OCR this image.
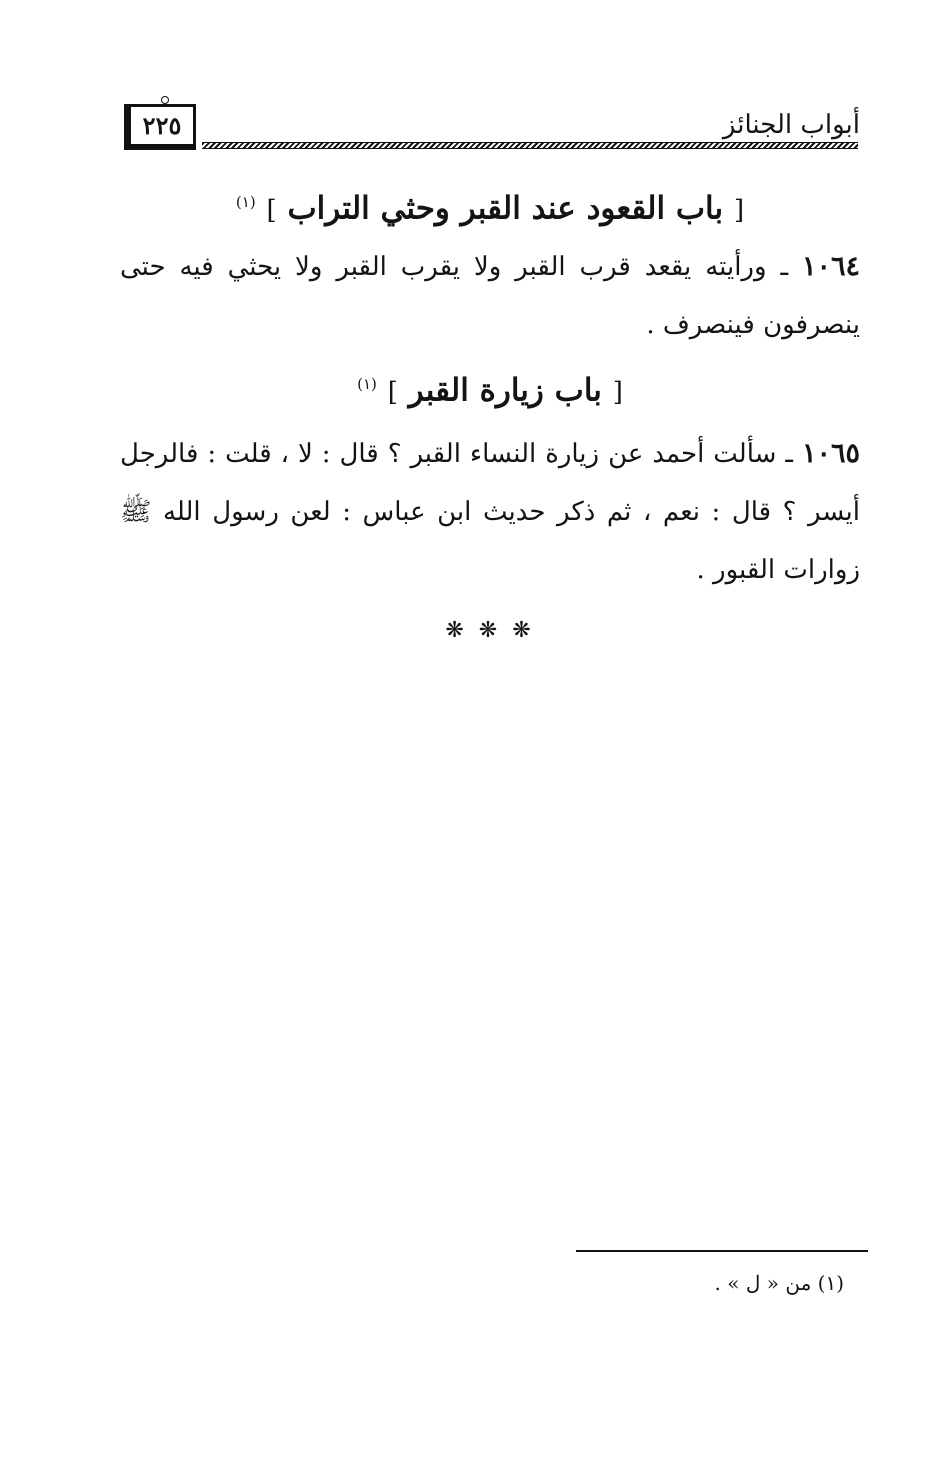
أبواب الجنائز
٢٢٥
[ باب القعود عند القبر وحثي التراب ] $^{(١)}$
١٠٦٤ ـ ورأيته يقعد قرب القبر ولا يقرب القبر ولا يحثي فيه حتى ينصرفون فينصرف .
[ باب زيارة القبر ] $^{(١)}$
١٠٦٥ ـ سألت أحمد عن زيارة النساء القبر ؟ قال : لا ، قلت : فالرجل أيسر ؟ قال : نعم ، ثم ذكر حديث ابن عباس : لعن رسول الله ﷺ زوارات القبور .
❋ ❋ ❋
(١) من « ل » .
